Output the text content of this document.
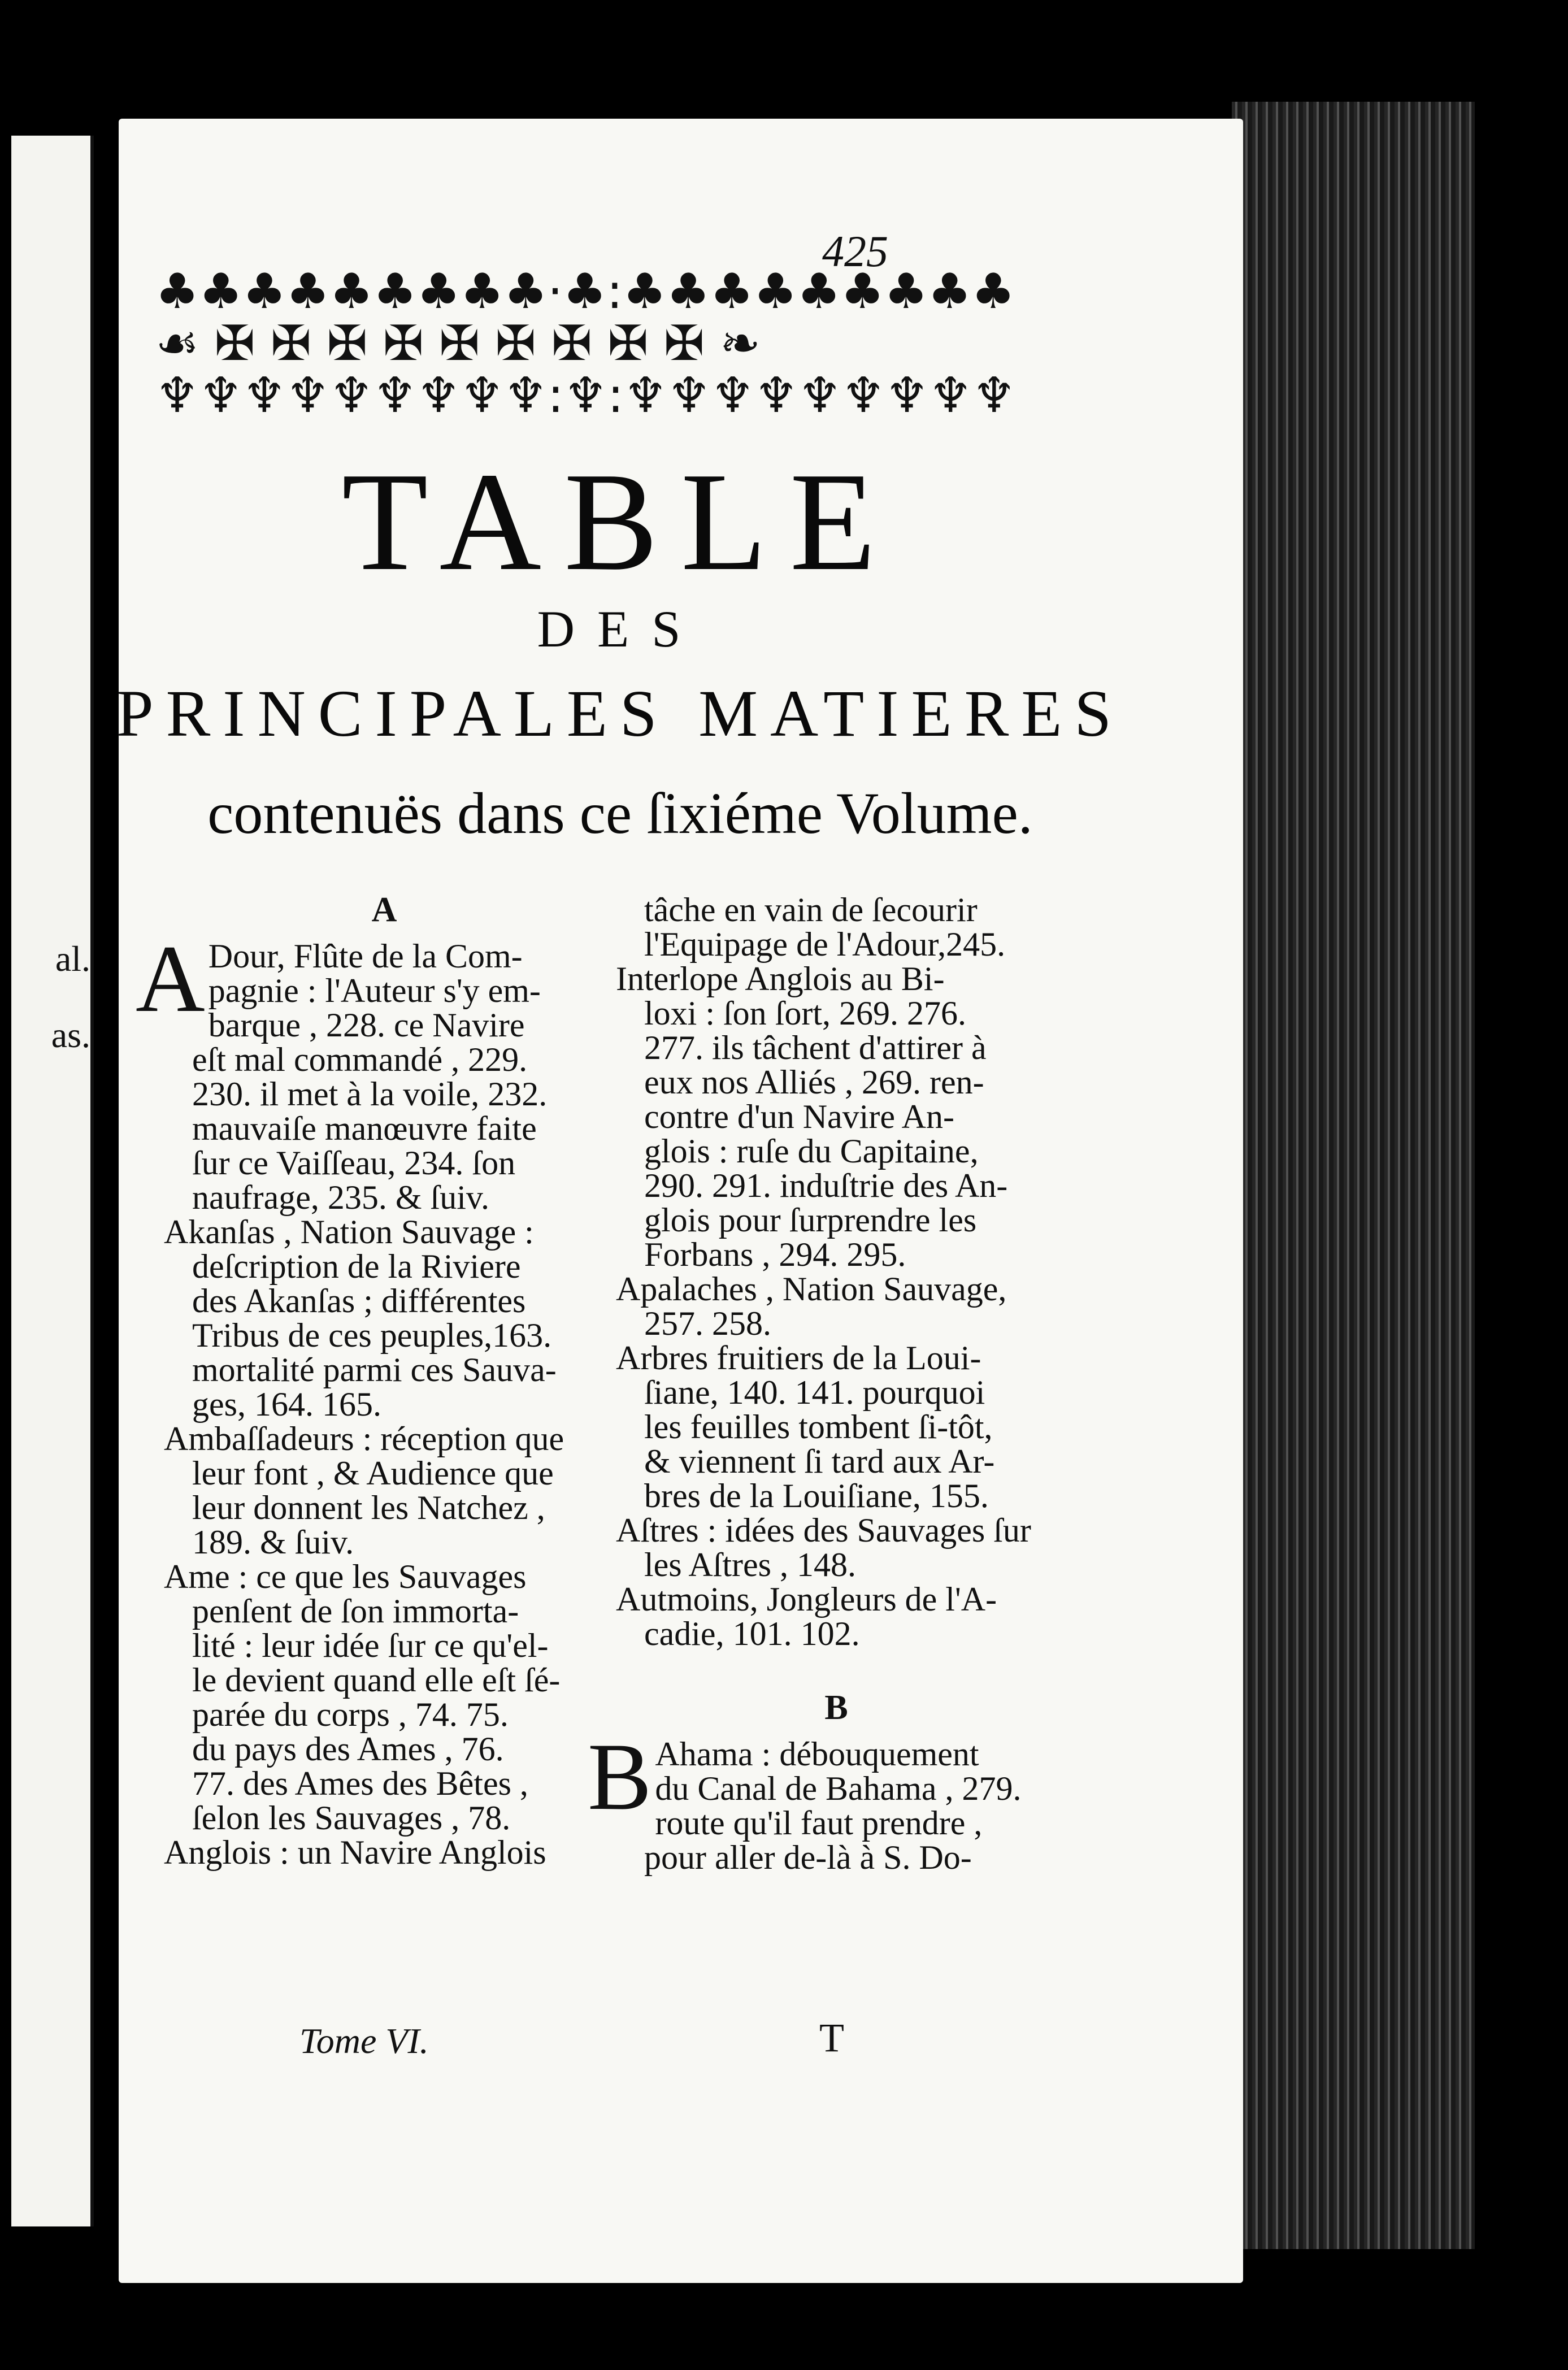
al.
as.
425
♣♣♣♣♣♣♣♣♣·♣:♣♣♣♣♣♣♣♣♣
☙ ✠ ✠ ✠ ✠ ✠ ✠ ✠ ✠ ✠ ❧
♆♆♆♆♆♆♆♆♆:♆:♆♆♆♆♆♆♆♆♆
TABLE
DES
PRINCIPALES MATIERES
contenuës dans ce ſixiéme Volume.
A
A Dour, Flûte de la Com-
pagnie : l'Auteur s'y em-
barque , 228. ce Navire
eſt mal commandé , 229.
230. il met à la voile, 232.
mauvaiſe manœuvre faite
ſur ce Vaiſſeau, 234. ſon
naufrage, 235. & ſuiv.
Akanſas , Nation Sauvage :
deſcription de la Riviere
des Akanſas ; différentes
Tribus de ces peuples,163.
mortalité parmi ces Sauva-
ges, 164. 165.
Ambaſſadeurs : réception que
leur font , & Audience que
leur donnent les Natchez ,
189. & ſuiv.
Ame : ce que les Sauvages
penſent de ſon immorta-
lité : leur idée ſur ce qu'el-
le devient quand elle eſt ſé-
parée du corps , 74. 75.
du pays des Ames , 76.
77. des Ames des Bêtes ,
ſelon les Sauvages , 78.
Anglois : un Navire Anglois
tâche en vain de ſecourir
l'Equipage de l'Adour,245.
Interlope Anglois au Bi-
loxi : ſon ſort, 269. 276.
277. ils tâchent d'attirer à
eux nos Alliés , 269. ren-
contre d'un Navire An-
glois : ruſe du Capitaine,
290. 291. induſtrie des An-
glois pour ſurprendre les
Forbans , 294. 295.
Apalaches , Nation Sauvage,
257. 258.
Arbres fruitiers de la Loui-
ſiane, 140. 141. pourquoi
les feuilles tombent ſi-tôt,
& viennent ſi tard aux Ar-
bres de la Louiſiane, 155.
Aſtres : idées des Sauvages ſur
les Aſtres , 148.
Autmoins, Jongleurs de l'A-
cadie, 101. 102.
B
B Ahama : débouquement
du Canal de Bahama , 279.
route qu'il faut prendre ,
pour aller de-là à S. Do-
Tome VI.	T
